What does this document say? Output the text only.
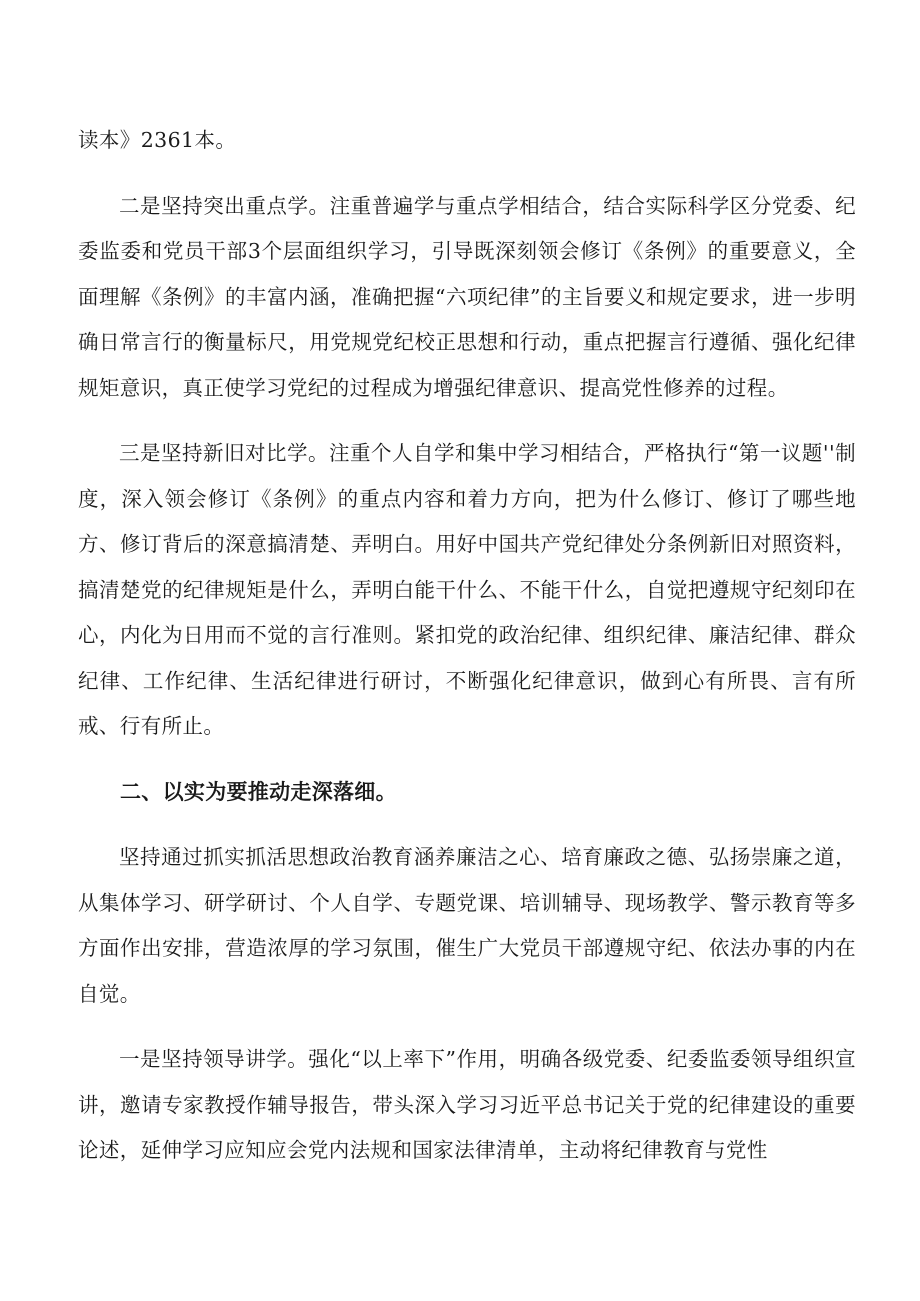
读本》2361本。

二是坚持突出重点学。注重普遍学与重点学相结合，结合实际科学区分党委、纪委监委和党员干部3个层面组织学习，引导既深刻领会修订《条例》的重要意义，全面理解《条例》的丰富内涵，准确把握“六项纪律”的主旨要义和规定要求，进一步明确日常言行的衡量标尺，用党规党纪校正思想和行动，重点把握言行遵循、强化纪律规矩意识，真正使学习党纪的过程成为增强纪律意识、提高党性修养的过程。

三是坚持新旧对比学。注重个人自学和集中学习相结合，严格执行“第一议题''制度，深入领会修订《条例》的重点内容和着力方向，把为什么修订、修订了哪些地方、修订背后的深意搞清楚、弄明白。用好中国共产党纪律处分条例新旧对照资料，搞清楚党的纪律规矩是什么，弄明白能干什么、不能干什么，自觉把遵规守纪刻印在心，内化为日用而不觉的言行准则。紧扣党的政治纪律、组织纪律、廉洁纪律、群众纪律、工作纪律、生活纪律进行研讨，不断强化纪律意识，做到心有所畏、言有所戒、行有所止。

二、以实为要推动走深落细。

坚持通过抓实抓活思想政治教育涵养廉洁之心、培育廉政之德、弘扬崇廉之道，从集体学习、研学研讨、个人自学、专题党课、培训辅导、现场教学、警示教育等多方面作出安排，营造浓厚的学习氛围，催生广大党员干部遵规守纪、依法办事的内在自觉。

一是坚持领导讲学。强化“以上率下”作用，明确各级党委、纪委监委领导组织宣讲，邀请专家教授作辅导报告，带头深入学习习近平总书记关于党的纪律建设的重要论述，延伸学习应知应会党内法规和国家法律清单，主动将纪律教育与党性
